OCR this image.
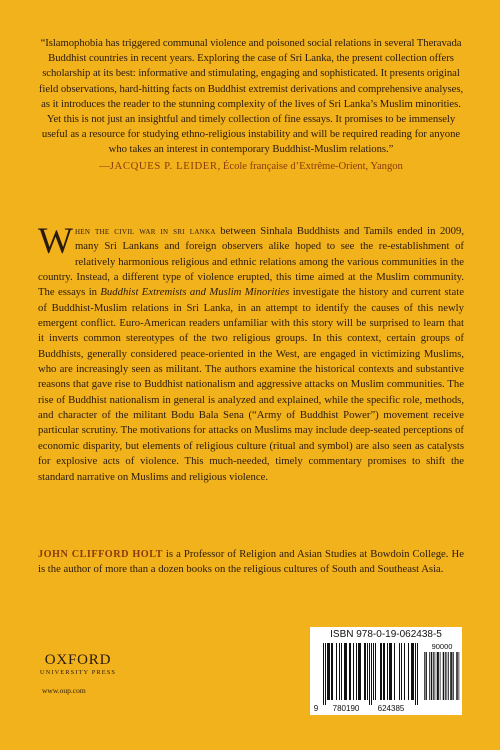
“Islamophobia has triggered communal violence and poisoned social relations in several Theravada Buddhist countries in recent years. Exploring the case of Sri Lanka, the present collection offers scholarship at its best: informative and stimulating, engaging and sophisticated. It presents original field observations, hard-hitting facts on Buddhist extremist derivations and comprehensive analyses, as it introduces the reader to the stunning complexity of the lives of Sri Lanka’s Muslim minorities. Yet this is not just an insightful and timely collection of fine essays. It promises to be immensely useful as a resource for studying ethno-religious instability and will be required reading for anyone who takes an interest in contemporary Buddhist-Muslim relations.”
—JACQUES P. LEIDER, École française d’Extrême-Orient, Yangon
When the civil war in sri lanka between Sinhala Buddhists and Tamils ended in 2009, many Sri Lankans and foreign observers alike hoped to see the re-establishment of relatively harmonious religious and ethnic relations among the various communities in the country. Instead, a different type of violence erupted, this time aimed at the Muslim community. The essays in Buddhist Extremists and Muslim Minorities investigate the history and current state of Buddhist-Muslim relations in Sri Lanka, in an attempt to identify the causes of this newly emergent conflict. Euro-American readers unfamiliar with this story will be surprised to learn that it inverts common stereotypes of the two religious groups. In this context, certain groups of Buddhists, generally considered peace-oriented in the West, are engaged in victimizing Muslims, who are increasingly seen as militant. The authors examine the historical contexts and substantive reasons that gave rise to Buddhist nationalism and aggressive attacks on Muslim communities. The rise of Buddhist nationalism in general is analyzed and explained, while the specific role, methods, and character of the militant Bodu Bala Sena (“Army of Buddhist Power”) movement receive particular scrutiny. The motivations for attacks on Muslims may include deep-seated perceptions of economic disparity, but elements of religious culture (ritual and symbol) are also seen as catalysts for explosive acts of violence. This much-needed, timely commentary promises to shift the standard narrative on Muslims and religious violence.
JOHN CLIFFORD HOLT is a Professor of Religion and Asian Studies at Bowdoin College. He is the author of more than a dozen books on the religious cultures of South and Southeast Asia.
OXFORD
UNIVERSITY PRESS
www.oup.com
ISBN 978-0-19-062438-5
90000
9 780190 624385
